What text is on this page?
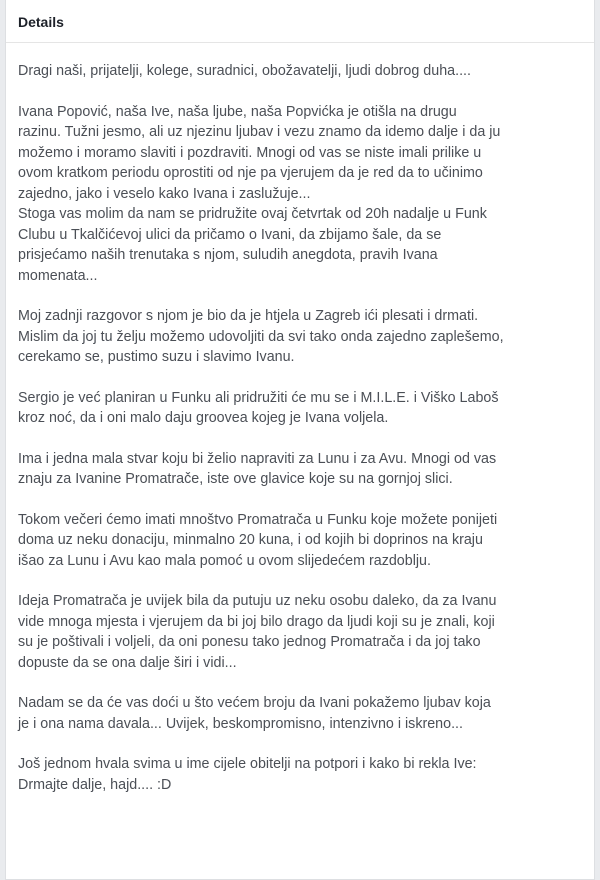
Details

Dragi naši, prijatelji, kolege, suradnici, obožavatelji, ljudi dobrog duha....

Ivana Popović, naša Ive, naša ljube, naša Popvićka je otišla na drugu
razinu. Tužni jesmo, ali uz njezinu ljubav i vezu znamo da idemo dalje i da ju
možemo i moramo slaviti i pozdraviti. Mnogi od vas se niste imali prilike u
ovom kratkom periodu oprostiti od nje pa vjerujem da je red da to učinimo
zajedno, jako i veselo kako Ivana i zaslužuje...
Stoga vas molim da nam se pridružite ovaj četvrtak od 20h nadalje u Funk
Clubu u Tkalčićevoj ulici da pričamo o Ivani, da zbijamo šale, da se
prisjećamo naših trenutaka s njom, suludih anegdota, pravih Ivana
momenata...

Moj zadnji razgovor s njom je bio da je htjela u Zagreb ići plesati i drmati.
Mislim da joj tu želju možemo udovoljiti da svi tako onda zajedno zaplešemo,
cerekamo se, pustimo suzu i slavimo Ivanu.

Sergio je već planiran u Funku ali pridružiti će mu se i M.I.L.E. i Viško Laboš
kroz noć, da i oni malo daju groovea kojeg je Ivana voljela.

Ima i jedna mala stvar koju bi želio napraviti za Lunu i za Avu. Mnogi od vas
znaju za Ivanine Promatrače, iste ove glavice koje su na gornjoj slici.

Tokom večeri ćemo imati mnoštvo Promatrača u Funku koje možete ponijeti
doma uz neku donaciju, minmalno 20 kuna, i od kojih bi doprinos na kraju
išao za Lunu i Avu kao mala pomoć u ovom slijedećem razdoblju.

Ideja Promatrača je uvijek bila da putuju uz neku osobu daleko, da za Ivanu
vide mnoga mjesta i vjerujem da bi joj bilo drago da ljudi koji su je znali, koji
su je poštivali i voljeli, da oni ponesu tako jednog Promatrača i da joj tako
dopuste da se ona dalje širi i vidi...

Nadam se da će vas doći u što većem broju da Ivani pokažemo ljubav koja
je i ona nama davala... Uvijek, beskompromisno, intenzivno i iskreno...

Još jednom hvala svima u ime cijele obitelji na potpori i kako bi rekla Ive:
Drmajte dalje, hajd.... :D
